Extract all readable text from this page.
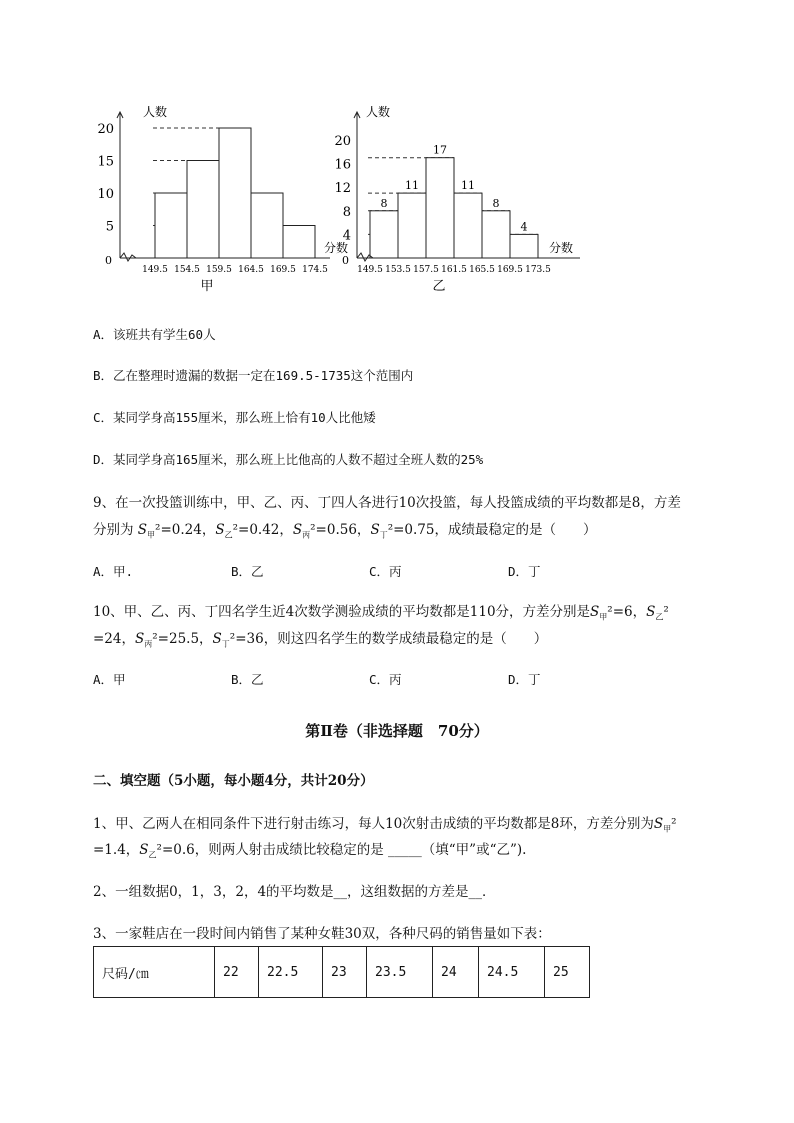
5
10
15
20
0
149.5 154.5 159.5 164.5 169.5 174.5
人数
分数
甲
8
11
17
11
8
4
4
8
12
16
20
0
149.5 153.5 157.5 161.5 165.5 169.5 173.5
人数
分数
乙
A．该班共有学生60人
B．乙在整理时遗漏的数据一定在169.5-1735这个范围内
C．某同学身高155厘米，那么班上恰有10人比他矮
D．某同学身高165厘米，那么班上比他高的人数不超过全班人数的25%
9、在一次投篮训练中，甲、乙、丙、丁四人各进行10次投篮，每人投篮成绩的平均数都是8，方差
分别为 $S_甲^2=0.24$，$S_乙^2=0.42$，$S_丙^2=0.56$，$S_丁^2=0.75$，成绩最稳定的是（　　）
A．甲.	B．乙	C．丙	D．丁
10、甲、乙、丙、丁四名学生近4次数学测验成绩的平均数都是110分，方差分别是$S_甲^2=6$，$S_乙^2$
=24，$S_丙^2=25.5$，$S_丁^2=36$，则这四名学生的数学成绩最稳定的是（　　）
A．甲	B．乙	C．丙	D．丁
第Ⅱ卷（非选择题　70分）
二、填空题（5小题，每小题4分，共计20分）
1、甲、乙两人在相同条件下进行射击练习，每人10次射击成绩的平均数都是8环，方差分别为$S_甲^2$
=1.4，$S_乙^2=0.6$，则两人射击成绩比较稳定的是 _____（填“甲”或“乙”).
2、一组数据0，1，3，2，4的平均数是__，这组数据的方差是__．
3、一家鞋店在一段时间内销售了某种女鞋30双，各种尺码的销售量如下表：
尺码/㎝	22	22.5	23	23.5	24	24.5	25
